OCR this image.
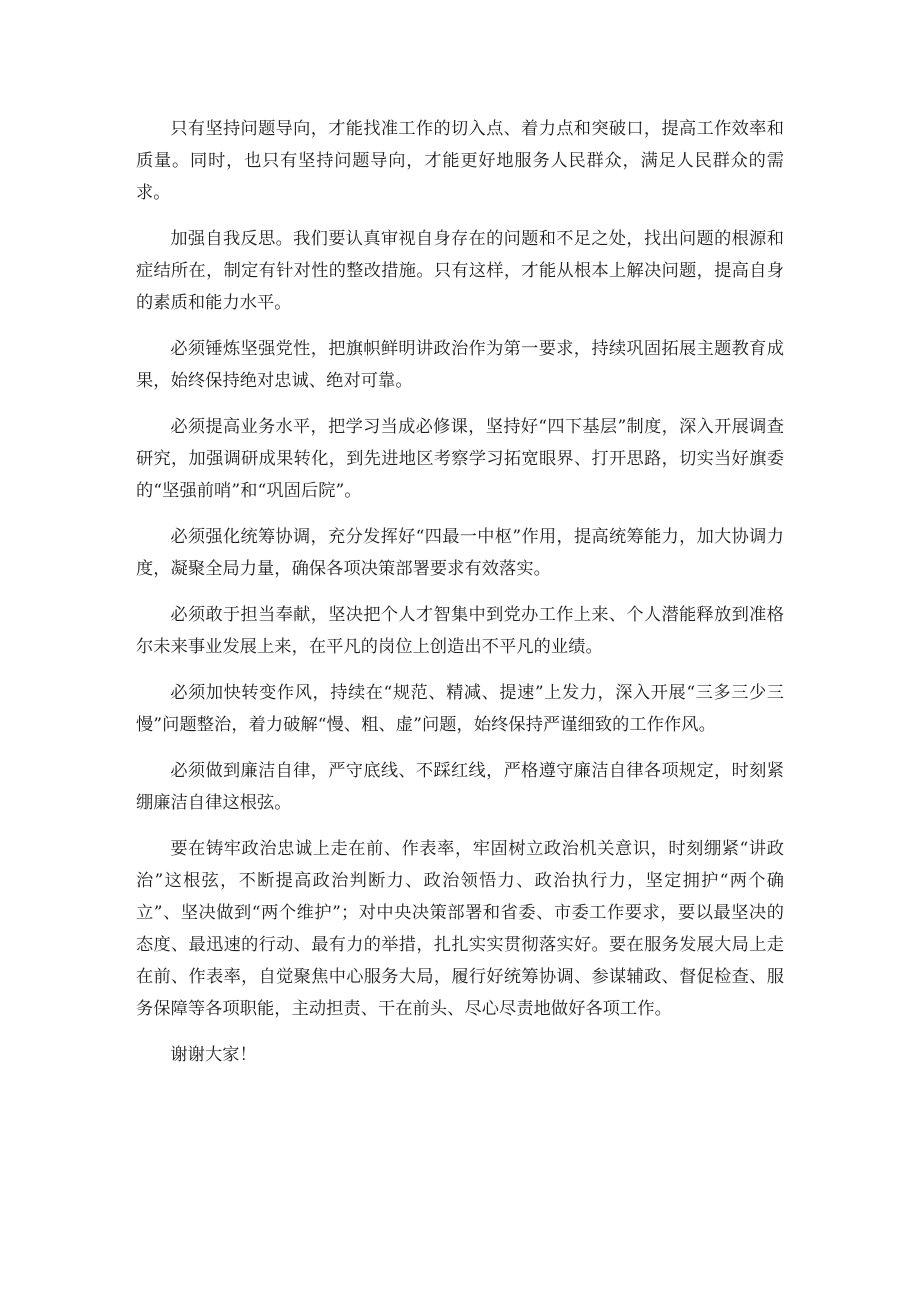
只有坚持问题导向，才能找准工作的切入点、着力点和突破口，提高工作效率和质量。同时，也只有坚持问题导向，才能更好地服务人民群众，满足人民群众的需求。

加强自我反思。我们要认真审视自身存在的问题和不足之处，找出问题的根源和症结所在，制定有针对性的整改措施。只有这样，才能从根本上解决问题，提高自身的素质和能力水平。

必须锤炼坚强党性，把旗帜鲜明讲政治作为第一要求，持续巩固拓展主题教育成果，始终保持绝对忠诚、绝对可靠。

必须提高业务水平，把学习当成必修课，坚持好“四下基层”制度，深入开展调查研究，加强调研成果转化，到先进地区考察学习拓宽眼界、打开思路，切实当好旗委的“坚强前哨”和“巩固后院”。

必须强化统筹协调，充分发挥好“四最一中枢”作用，提高统筹能力，加大协调力度，凝聚全局力量，确保各项决策部署要求有效落实。

必须敢于担当奉献，坚决把个人才智集中到党办工作上来、个人潜能释放到准格尔未来事业发展上来，在平凡的岗位上创造出不平凡的业绩。

必须加快转变作风，持续在“规范、精减、提速”上发力，深入开展“三多三少三慢”问题整治，着力破解“慢、粗、虚”问题，始终保持严谨细致的工作作风。

必须做到廉洁自律，严守底线、不踩红线，严格遵守廉洁自律各项规定，时刻紧绷廉洁自律这根弦。

要在铸牢政治忠诚上走在前、作表率，牢固树立政治机关意识，时刻绷紧“讲政治”这根弦，不断提高政治判断力、政治领悟力、政治执行力，坚定拥护“两个确立”、坚决做到“两个维护”；对中央决策部署和省委、市委工作要求，要以最坚决的态度、最迅速的行动、最有力的举措，扎扎实实贯彻落实好。要在服务发展大局上走在前、作表率，自觉聚焦中心服务大局，履行好统筹协调、参谋辅政、督促检查、服务保障等各项职能，主动担责、干在前头、尽心尽责地做好各项工作。

谢谢大家！
